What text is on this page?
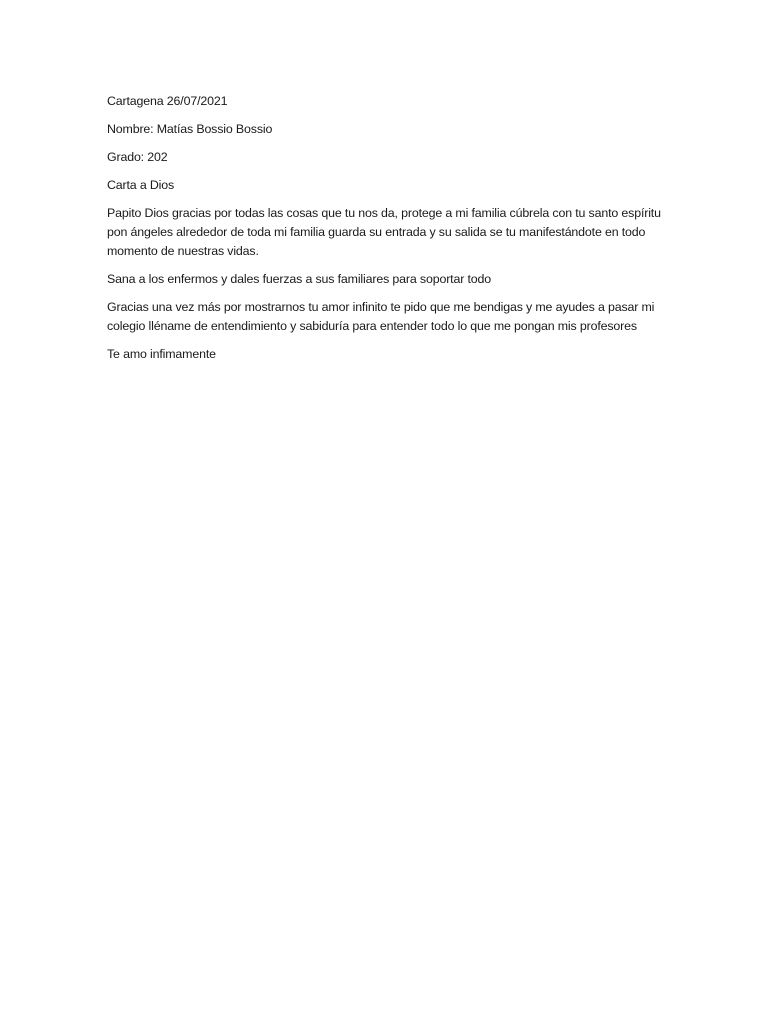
Cartagena 26/07/2021

Nombre: Matías Bossio Bossio

Grado: 202

Carta a Dios

Papito Dios gracias por todas las cosas que tu nos da, protege a mi familia cúbrela con tu santo espíritu pon ángeles alrededor de toda mi familia guarda su entrada y su salida se tu manifestándote en todo momento de nuestras vidas.

Sana a los enfermos y dales fuerzas a sus familiares para soportar todo

Gracias una vez más por mostrarnos tu amor infinito te pido que me bendigas y me ayudes a pasar mi colegio lléname de entendimiento y sabiduría para entender todo lo que me pongan mis profesores

Te amo infimamente
